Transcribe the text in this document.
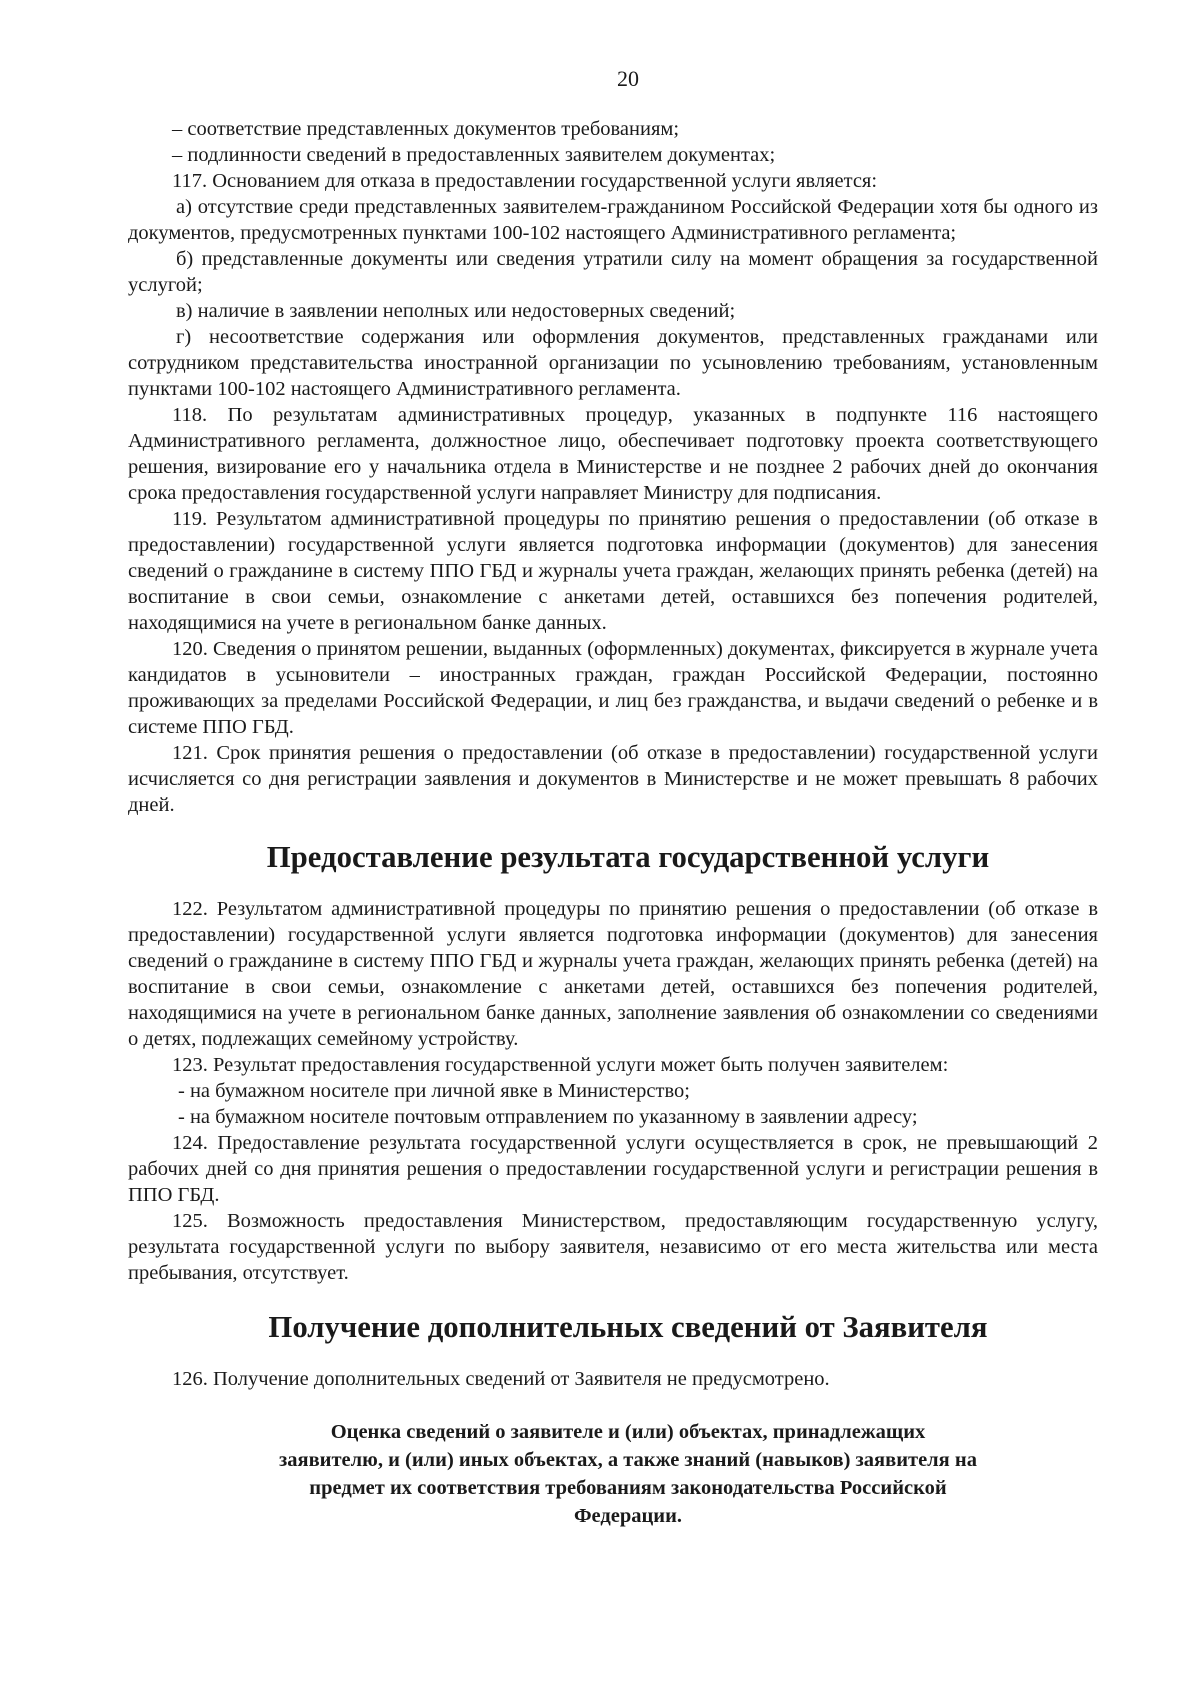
20

– соответствие представленных документов требованиям;

– подлинности сведений в предоставленных заявителем документах;

117. Основанием для отказа в предоставлении государственной услуги является:

а) отсутствие среди представленных заявителем-гражданином Российской Федерации хотя бы одного из документов, предусмотренных пунктами 100-102 настоящего Административного регламента;

б) представленные документы или сведения утратили силу на момент обращения за государственной услугой;

в) наличие в заявлении неполных или недостоверных сведений;

г) несоответствие содержания или оформления документов, представленных гражданами или сотрудником представительства иностранной организации по усыновлению требованиям, установленным пунктами 100-102 настоящего Административного регламента.

118. По результатам административных процедур, указанных в подпункте 116 настоящего Административного регламента, должностное лицо, обеспечивает подготовку проекта соответствующего решения, визирование его у начальника отдела в Министерстве и не позднее 2 рабочих дней до окончания срока предоставления государственной услуги направляет Министру для подписания.

119. Результатом административной процедуры по принятию решения о предоставлении (об отказе в предоставлении) государственной услуги является подготовка информации (документов) для занесения сведений о гражданине в систему ППО ГБД и журналы учета граждан, желающих принять ребенка (детей) на воспитание в свои семьи, ознакомление с анкетами детей, оставшихся без попечения родителей, находящимися на учете в региональном банке данных.

120. Сведения о принятом решении, выданных (оформленных) документах, фиксируется в журнале учета кандидатов в усыновители – иностранных граждан, граждан Российской Федерации, постоянно проживающих за пределами Российской Федерации, и лиц без гражданства, и выдачи сведений о ребенке и в системе ППО ГБД.

121. Срок принятия решения о предоставлении (об отказе в предоставлении) государственной услуги исчисляется со дня регистрации заявления и документов в Министерстве и не может превышать 8 рабочих дней.

Предоставление результата государственной услуги

122. Результатом административной процедуры по принятию решения о предоставлении (об отказе в предоставлении) государственной услуги является подготовка информации (документов) для занесения сведений о гражданине в систему ППО ГБД и журналы учета граждан, желающих принять ребенка (детей) на воспитание в свои семьи, ознакомление с анкетами детей, оставшихся без попечения родителей, находящимися на учете в региональном банке данных, заполнение заявления об ознакомлении со сведениями о детях, подлежащих семейному устройству.

123. Результат предоставления государственной услуги может быть получен заявителем:

- на бумажном носителе при личной явке в Министерство;

- на бумажном носителе почтовым отправлением по указанному в заявлении адресу;

124. Предоставление результата государственной услуги осуществляется в срок, не превышающий 2 рабочих дней со дня принятия решения о предоставлении государственной услуги и регистрации решения в ППО ГБД.

125. Возможность предоставления Министерством, предоставляющим государственную услугу, результата государственной услуги по выбору заявителя, независимо от его места жительства или места пребывания, отсутствует.

Получение дополнительных сведений от Заявителя

126. Получение дополнительных сведений от Заявителя не предусмотрено.

Оценка сведений о заявителе и (или) объектах, принадлежащих
заявителю, и (или) иных объектах, а также знаний (навыков) заявителя на
предмет их соответствия требованиям законодательства Российской
Федерации.
